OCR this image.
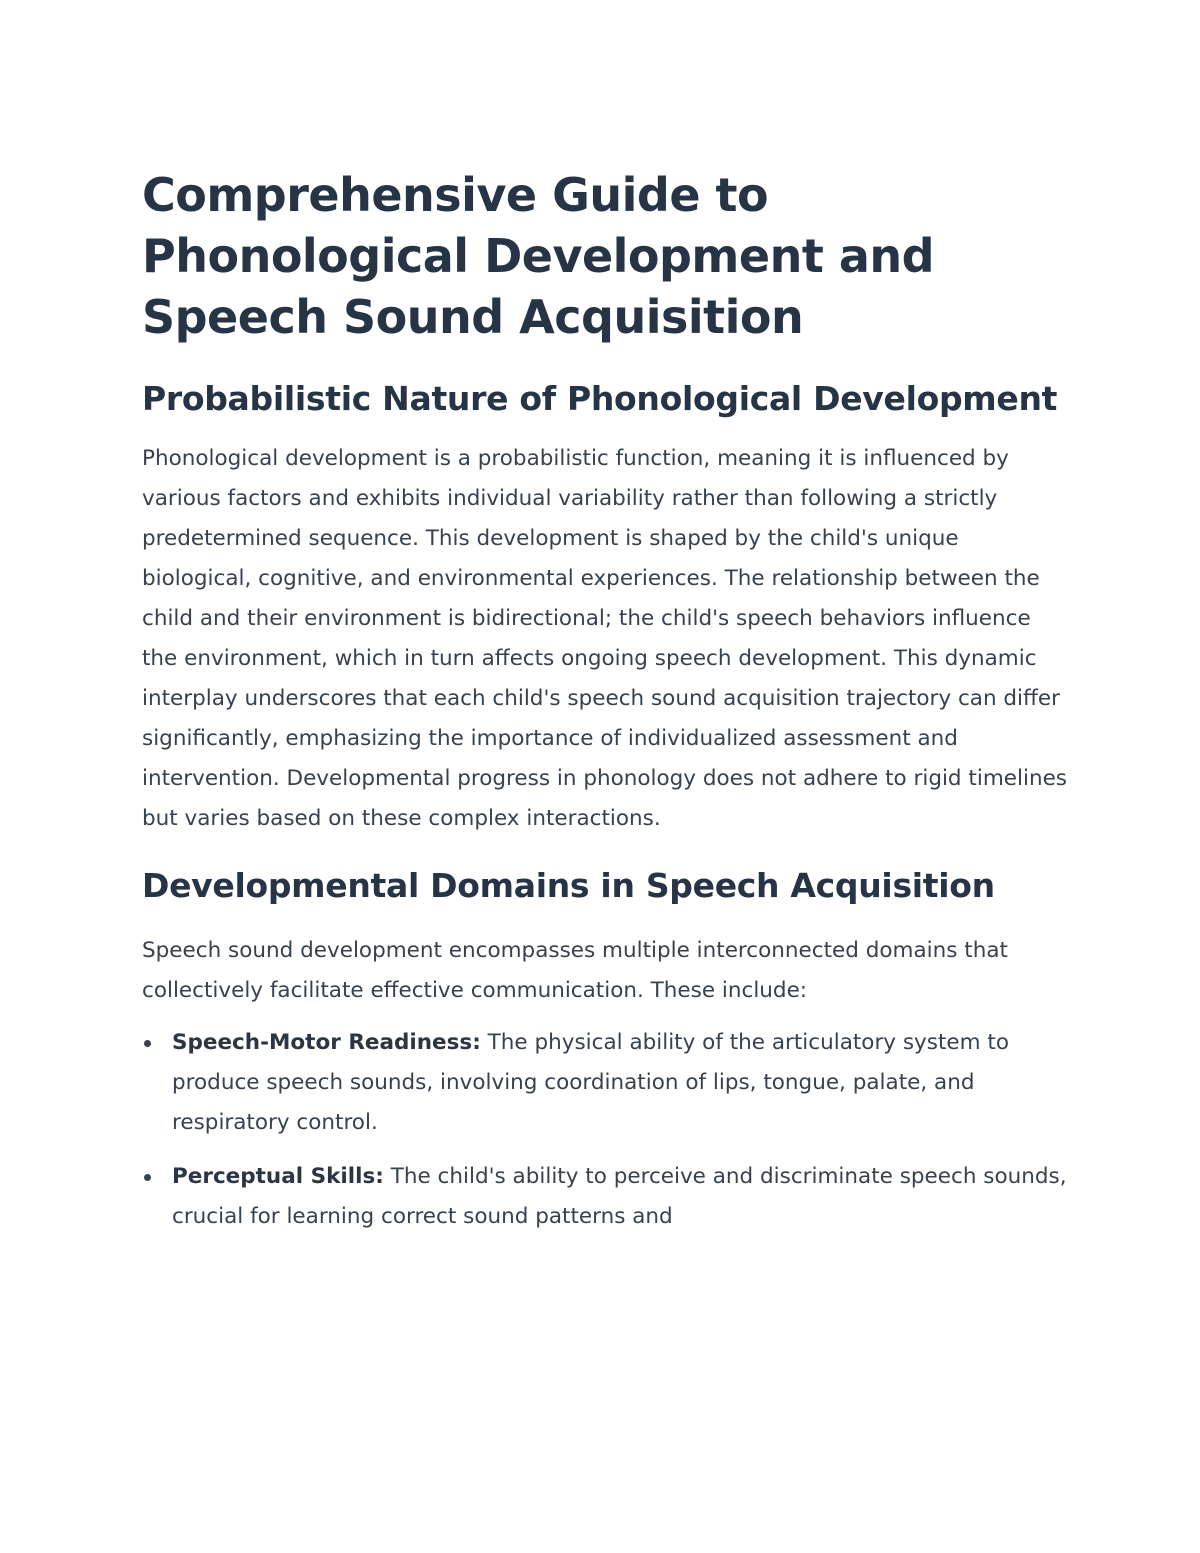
Comprehensive Guide to Phonological Development and Speech Sound Acquisition
Probabilistic Nature of Phonological Development

Phonological development is a probabilistic function, meaning it is influenced by various factors and exhibits individual variability rather than following a strictly predetermined sequence. This development is shaped by the child's unique biological, cognitive, and environmental experiences. The relationship between the child and their environment is bidirectional; the child's speech behaviors influence the environment, which in turn affects ongoing speech development. This dynamic interplay underscores that each child's speech sound acquisition trajectory can differ significantly, emphasizing the importance of individualized assessment and intervention. Developmental progress in phonology does not adhere to rigid timelines but varies based on these complex interactions.

Developmental Domains in Speech Acquisition

Speech sound development encompasses multiple interconnected domains that collectively facilitate effective communication. These include:

Speech-Motor Readiness: The physical ability of the articulatory system to produce speech sounds, involving coordination of lips, tongue, palate, and respiratory control.
Perceptual Skills: The child's ability to perceive and discriminate speech sounds, crucial for learning correct sound patterns and
